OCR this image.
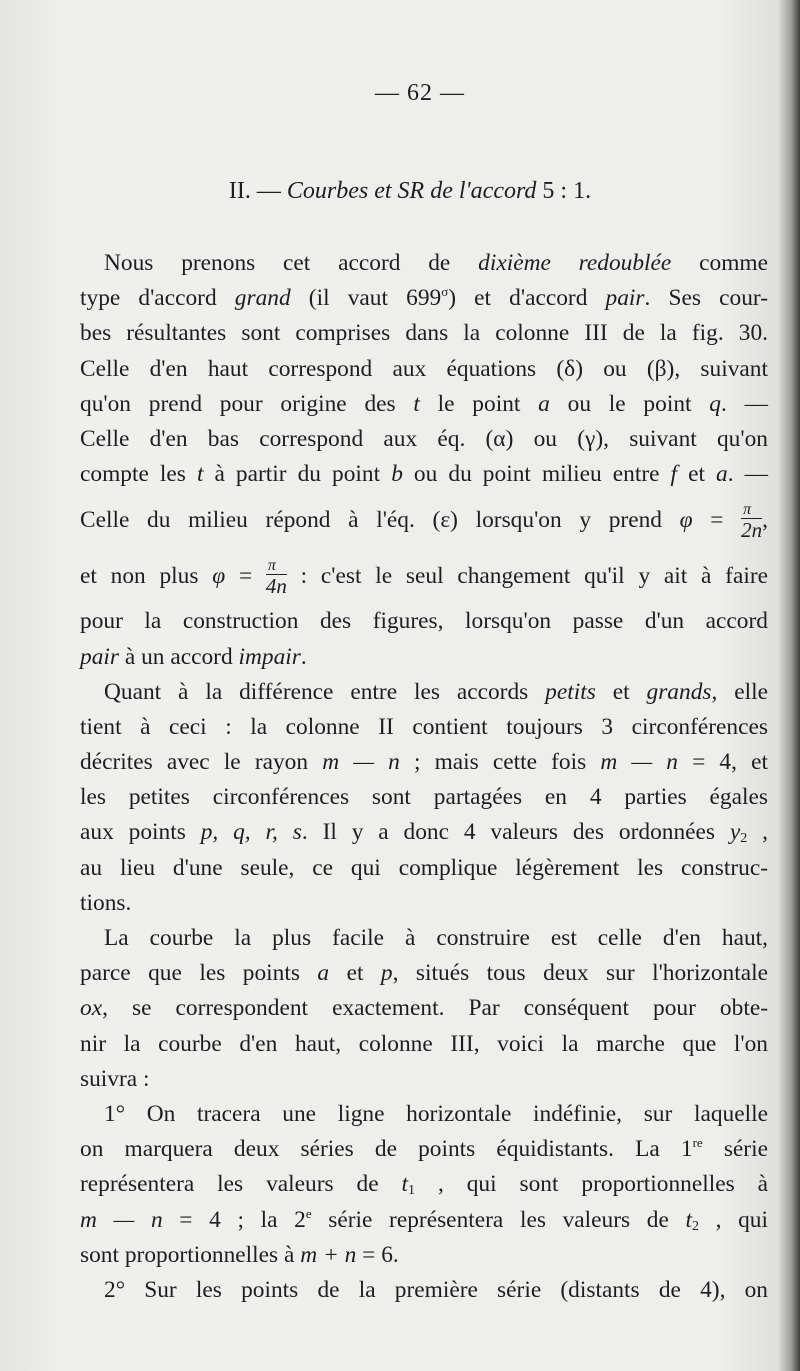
— 62 —
II. — Courbes et SR de l'accord 5 : 1.
Nous prenons cet accord de dixième redoublée comme
type d'accord grand (il vaut $699^\sigma$) et d'accord pair. Ses cour-
bes résultantes sont comprises dans la colonne III de la fig. 30.
Celle d'en haut correspond aux équations (δ) ou (β), suivant
qu'on prend pour origine des t le point a ou le point q. —
Celle d'en bas correspond aux éq. (α) ou (γ), suivant qu'on
compte les t à partir du point b ou du point milieu entre f et a. —
Celle du milieu répond à l'éq. (ε) lorsqu'on y prend $\varphi = \frac{\pi}{2n}$ ,
et non plus $\varphi = \frac{\pi}{4n}$ : c'est le seul changement qu'il y ait à faire
pour la construction des figures, lorsqu'on passe d'un accord
pair à un accord impair.
Quant à la différence entre les accords petits et grands, elle
tient à ceci : la colonne II contient toujours 3 circonférences
décrites avec le rayon m — n ; mais cette fois m — n = 4, et
les petites circonférences sont partagées en 4 parties égales
aux points p, q, r, s. Il y a donc 4 valeurs des ordonnées $y_2$ ,
au lieu d'une seule, ce qui complique légèrement les construc-
tions.
La courbe la plus facile à construire est celle d'en haut,
parce que les points a et p, situés tous deux sur l'horizontale
ox, se correspondent exactement. Par conséquent pour obte-
nir la courbe d'en haut, colonne III, voici la marche que l'on
suivra :
1° On tracera une ligne horizontale indéfinie, sur laquelle
on marquera deux séries de points équidistants. La 1re série
représentera les valeurs de $t_1$ , qui sont proportionnelles à
m — n = 4 ; la 2e série représentera les valeurs de $t_2$ , qui
sont proportionnelles à m + n = 6.
2° Sur les points de la première série (distants de 4), on
